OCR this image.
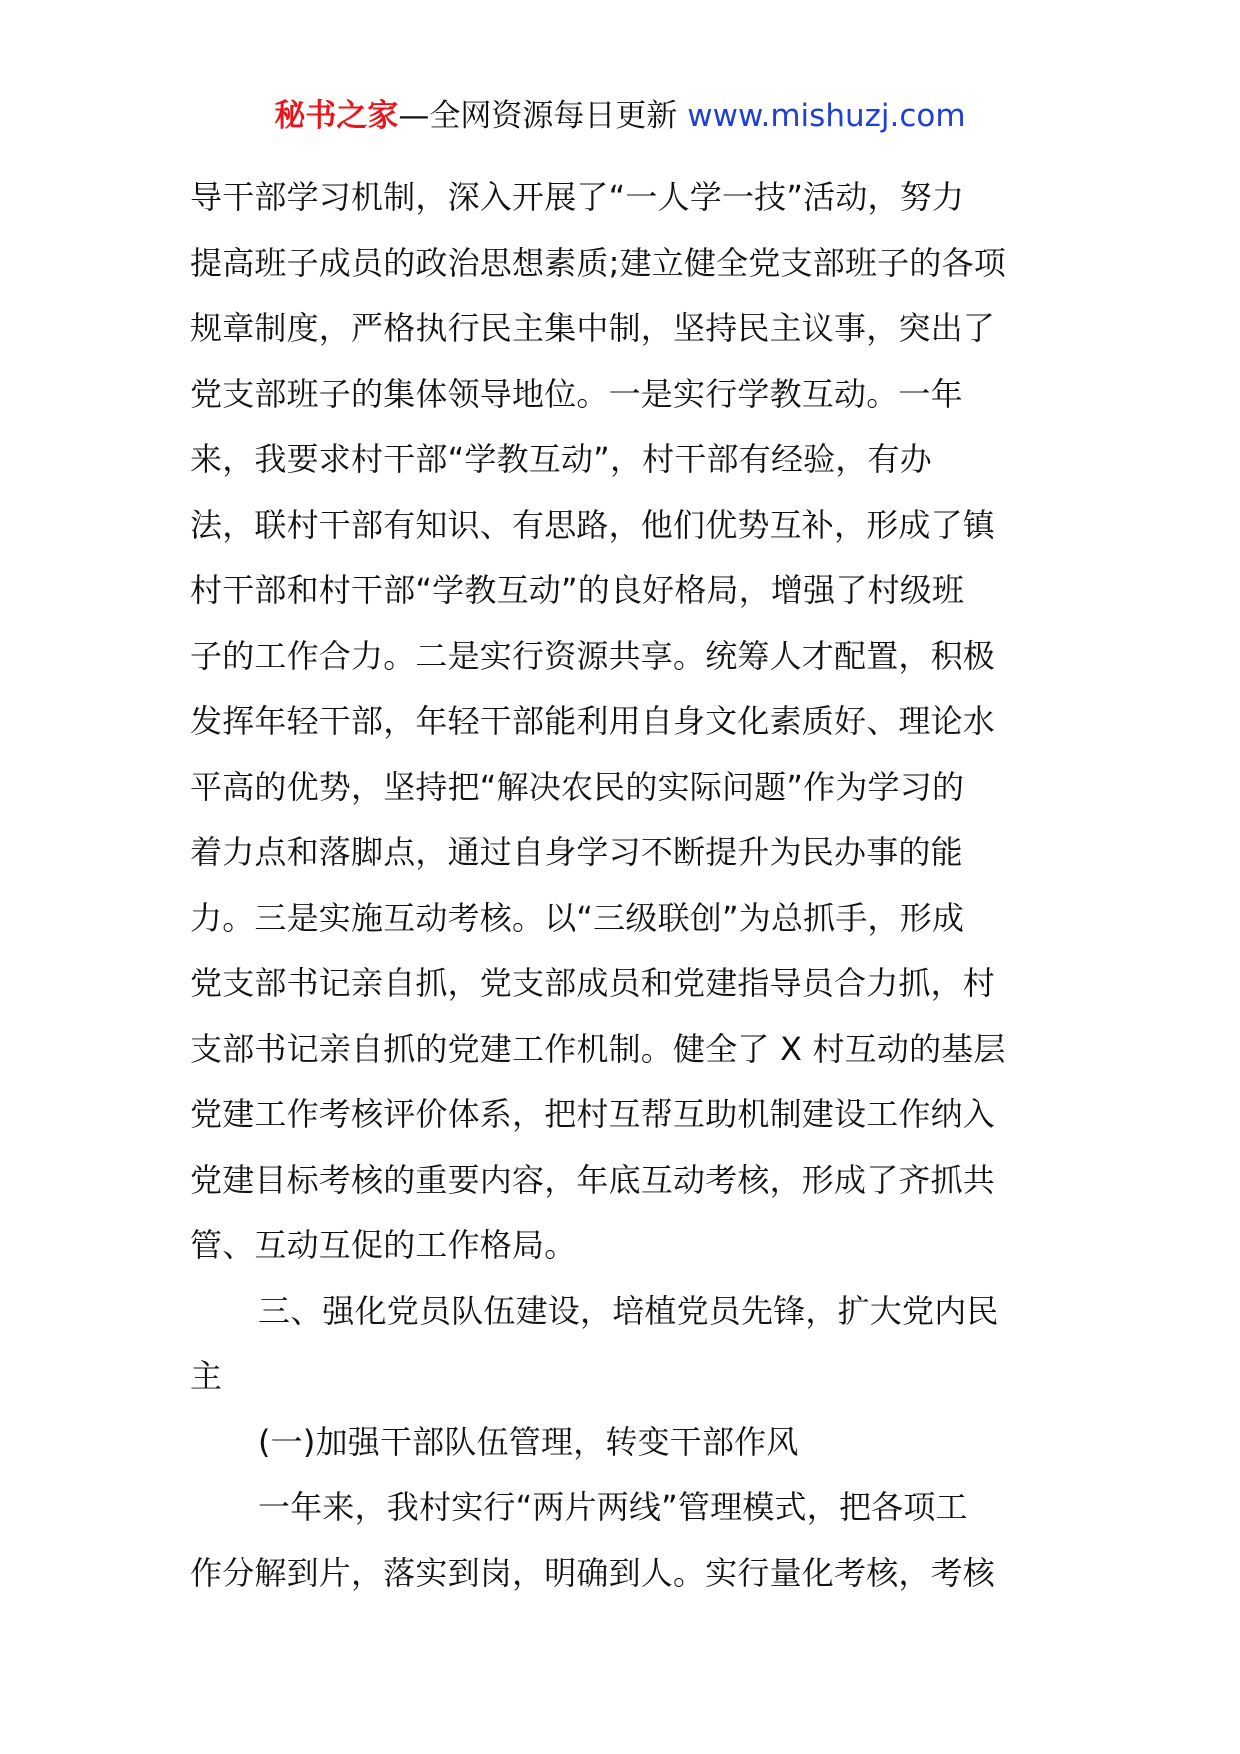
秘书之家—全网资源每日更新 www.mishuzj.com
导干部学习机制，深入开展了“一人学一技”活动，努力
提高班子成员的政治思想素质;建立健全党支部班子的各项
规章制度，严格执行民主集中制，坚持民主议事，突出了
党支部班子的集体领导地位。一是实行学教互动。一年
来，我要求村干部“学教互动”，村干部有经验，有办
法，联村干部有知识、有思路，他们优势互补，形成了镇
村干部和村干部“学教互动”的良好格局，增强了村级班
子的工作合力。二是实行资源共享。统筹人才配置，积极
发挥年轻干部，年轻干部能利用自身文化素质好、理论水
平高的优势，坚持把“解决农民的实际问题”作为学习的
着力点和落脚点，通过自身学习不断提升为民办事的能
力。三是实施互动考核。以“三级联创”为总抓手，形成
党支部书记亲自抓，党支部成员和党建指导员合力抓，村
支部书记亲自抓的党建工作机制。健全了 X 村互动的基层
党建工作考核评价体系，把村互帮互助机制建设工作纳入
党建目标考核的重要内容，年底互动考核，形成了齐抓共
管、互动互促的工作格局。
三、强化党员队伍建设，培植党员先锋，扩大党内民
主
(一)加强干部队伍管理，转变干部作风
一年来，我村实行“两片两线”管理模式，把各项工
作分解到片，落实到岗，明确到人。实行量化考核，考核
